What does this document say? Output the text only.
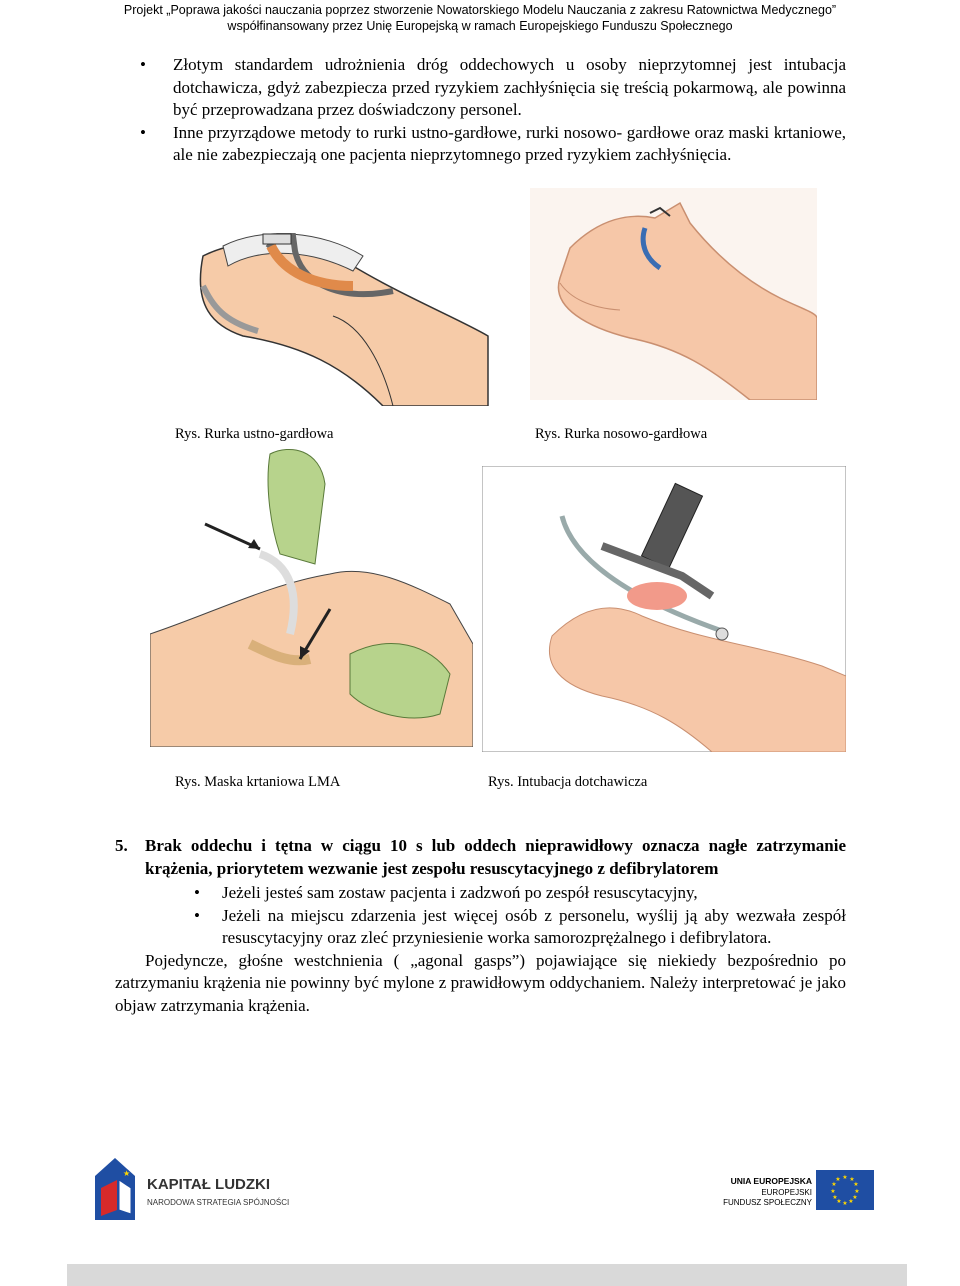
Projekt „Poprawa jakości nauczania poprzez stworzenie Nowatorskiego Modelu Nauczania z zakresu Ratownictwa Medycznego”
współfinansowany przez Unię Europejską w ramach Europejskiego Funduszu Społecznego
•	Złotym standardem udrożnienia dróg oddechowych u osoby nieprzytomnej jest intubacja dotchawicza, gdyż zabezpiecza przed ryzykiem zachłyśnięcia się treścią pokarmową, ale powinna być przeprowadzana przez doświadczony personel.
•	Inne przyrządowe metody to rurki ustno-gardłowe, rurki nosowo- gardłowe oraz maski krtaniowe, ale nie zabezpieczają one pacjenta nieprzytomnego przed ryzykiem zachłyśnięcia.
Rys. Rurka ustno-gardłowa	Rys. Rurka nosowo-gardłowa
Rys. Maska krtaniowa LMA	Rys. Intubacja dotchawicza
5.	Brak oddechu i tętna w ciągu 10 s lub oddech nieprawidłowy oznacza nagłe zatrzymanie krążenia, priorytetem wezwanie jest zespołu resuscytacyjnego z defibrylatorem
•	Jeżeli jesteś sam zostaw pacjenta i zadzwoń po zespół resuscytacyjny,
•	Jeżeli na miejscu zdarzenia jest więcej osób z personelu, wyślij ją aby wezwała zespół resuscytacyjny oraz zleć przyniesienie worka samorozprężalnego i defibrylatora.
Pojedyncze, głośne westchnienia ( „agonal gasps”) pojawiające się niekiedy bezpośrednio po zatrzymaniu krążenia nie powinny być mylone z prawidłowym oddychaniem. Należy interpretować je jako objaw zatrzymania krążenia.
★
KAPITAŁ LUDZKI
NARODOWA STRATEGIA SPÓJNOŚCI
UNIA EUROPEJSKA
EUROPEJSKI
FUNDUSZ SPOŁECZNY
★ ★
★
★
★
★
★
★
★
★
★
★
